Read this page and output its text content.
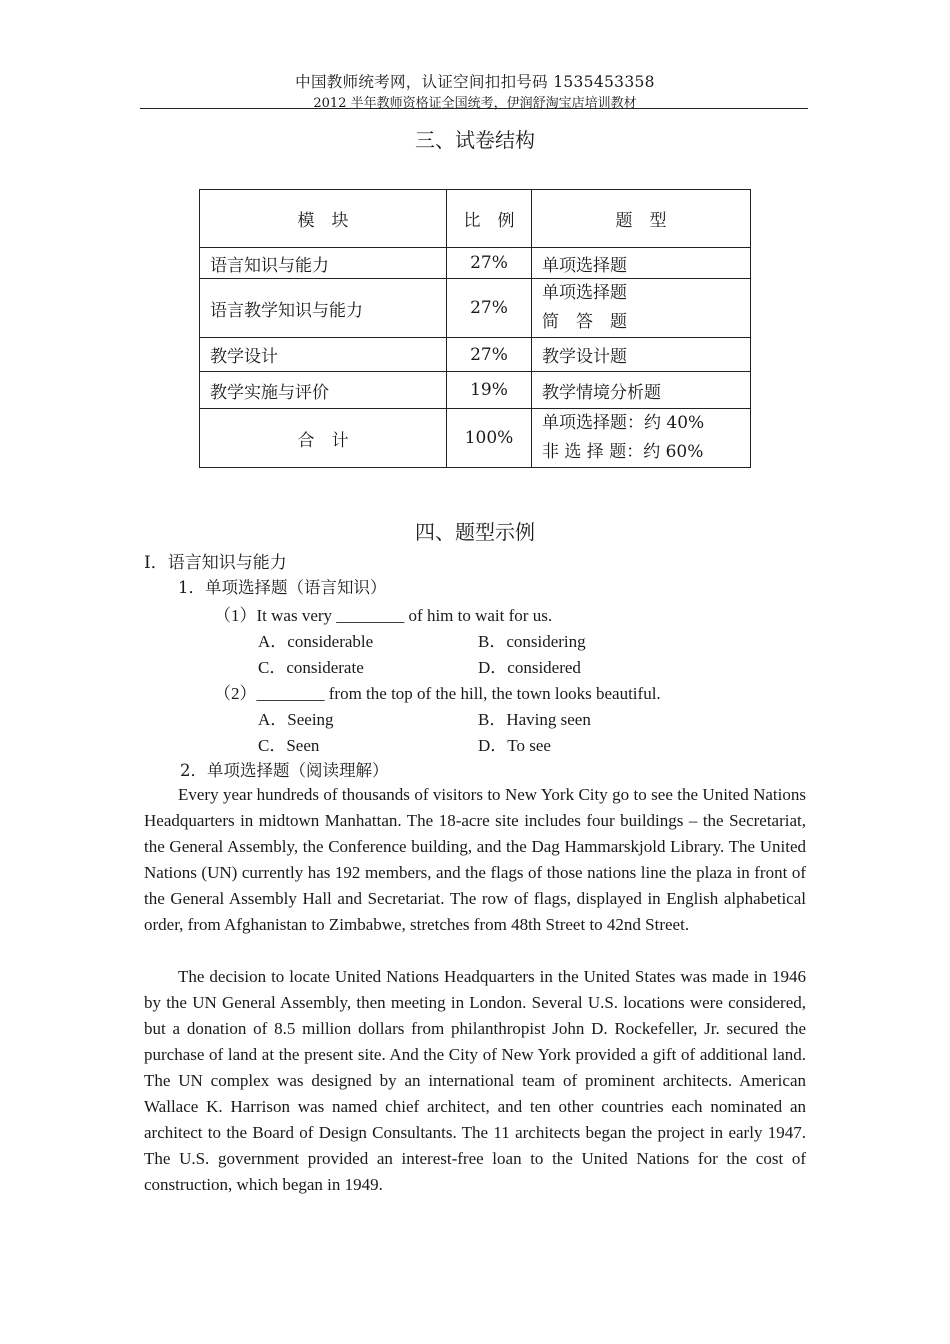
中国教师统考网，认证空间扣扣号码 1535453358
2012 半年教师资格证全国统考，伊润舒淘宝店培训教材
三、试卷结构
模　块	比　例	题　型
语言知识与能力	27%	单项选择题
语言教学知识与能力	27%	单项选择题
简　答　题

教学设计	27%	教学设计题
教学实施与评价	19%	教学情境分析题
合　计	100%	单项选择题：约 40%
非 选 择 题：约 60%
四、题型示例
I．语言知识与能力
1．单项选择题（语言知识）
（1）It was very ________ of him to wait for us.
A．considerable	B．considering
C．considerate	D．considered
（2）________ from the top of the hill, the town looks beautiful.
A．Seeing	B．Having seen
C．Seen	D．To see
2．单项选择题（阅读理解）
Every year hundreds of thousands of visitors to New York City go to see the United Nations Headquarters in midtown Manhattan. The 18-acre site includes four buildings – the Secretariat, the General Assembly, the Conference building, and the Dag Hammarskjold Library. The United Nations (UN) currently has 192 members, and the flags of those nations line the plaza in front of the General Assembly Hall and Secretariat. The row of flags, displayed in English alphabetical order, from Afghanistan to Zimbabwe, stretches from 48th Street to 42nd Street.
The decision to locate United Nations Headquarters in the United States was made in 1946 by the UN General Assembly, then meeting in London. Several U.S. locations were considered, but a donation of 8.5 million dollars from philanthropist John D. Rockefeller, Jr. secured the purchase of land at the present site. And the City of New York provided a gift of additional land. The UN complex was designed by an international team of prominent architects. American Wallace K. Harrison was named chief architect, and ten other countries each nominated an architect to the Board of Design Consultants. The 11 architects began the project in early 1947. The U.S. government provided an interest-free loan to the United Nations for the cost of construction, which began in 1949.
